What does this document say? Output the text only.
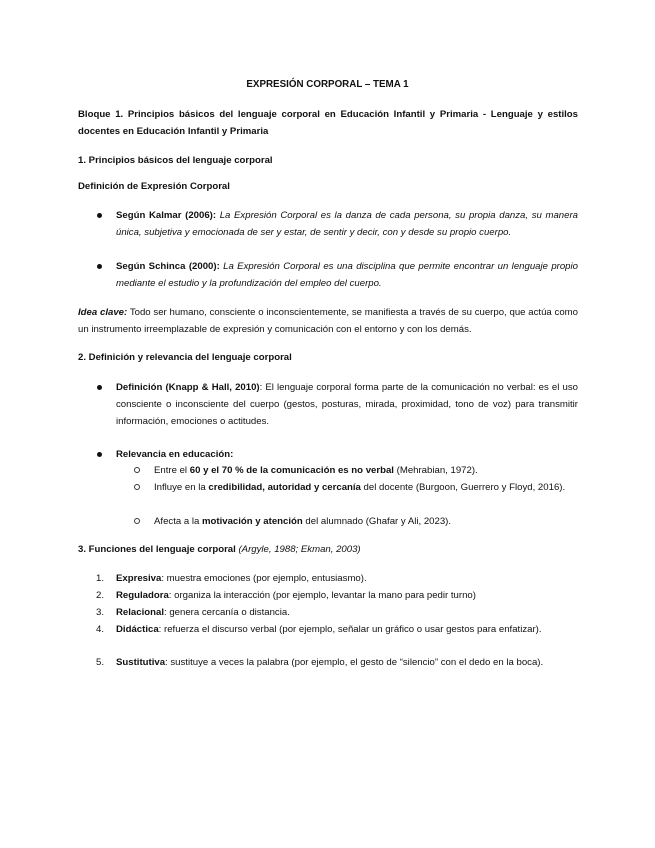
EXPRESIÓN CORPORAL – TEMA 1
Bloque 1. Principios básicos del lenguaje corporal en Educación Infantil y Primaria - Lenguaje y estilos docentes en Educación Infantil y Primaria
1. Principios básicos del lenguaje corporal
Definición de Expresión Corporal
Según Kalmar (2006): La Expresión Corporal es la danza de cada persona, su propia danza, su manera única, subjetiva y emocionada de ser y estar, de sentir y decir, con y desde su propio cuerpo.
Según Schinca (2000): La Expresión Corporal es una disciplina que permite encontrar un lenguaje propio mediante el estudio y la profundización del empleo del cuerpo.
Idea clave: Todo ser humano, consciente o inconscientemente, se manifiesta a través de su cuerpo, que actúa como un instrumento irreemplazable de expresión y comunicación con el entorno y con los demás.
2. Definición y relevancia del lenguaje corporal
Definición (Knapp & Hall, 2010): El lenguaje corporal forma parte de la comunicación no verbal: es el uso consciente o inconsciente del cuerpo (gestos, posturas, mirada, proximidad, tono de voz) para transmitir información, emociones o actitudes.
Relevancia en educación:
Entre el 60 y el 70 % de la comunicación es no verbal (Mehrabian, 1972).
Influye en la credibilidad, autoridad y cercanía del docente (Burgoon, Guerrero y Floyd, 2016).
Afecta a la motivación y atención del alumnado (Ghafar y Ali, 2023).
3. Funciones del lenguaje corporal (Argyle, 1988; Ekman, 2003)
1.	Expresiva: muestra emociones (por ejemplo, entusiasmo).
2.	Reguladora: organiza la interacción (por ejemplo, levantar la mano para pedir turno)
3.	Relacional: genera cercanía o distancia.
4.	Didáctica: refuerza el discurso verbal (por ejemplo, señalar un gráfico o usar gestos para enfatizar).
5.	Sustitutiva: sustituye a veces la palabra (por ejemplo, el gesto de “silencio” con el dedo en la boca).
